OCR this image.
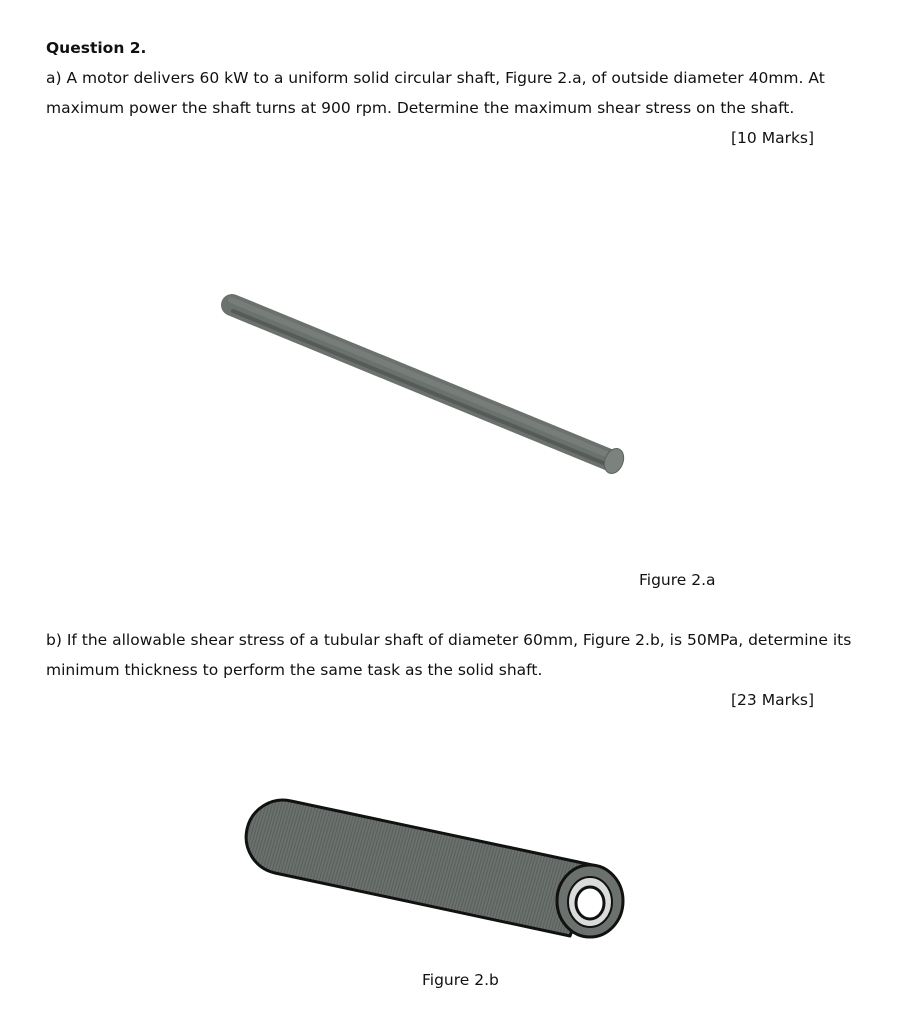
Question 2.
a) A motor delivers 60 kW to a uniform solid circular shaft, Figure 2.a, of outside diameter 40mm. At
maximum power the shaft turns at 900 rpm. Determine the maximum shear stress on the shaft.
[10 Marks]
Figure 2.a
b) If the allowable shear stress of a tubular shaft of diameter 60mm, Figure 2.b, is 50MPa, determine its
minimum thickness to perform the same task as the solid shaft.
[23 Marks]
Figure 2.b
